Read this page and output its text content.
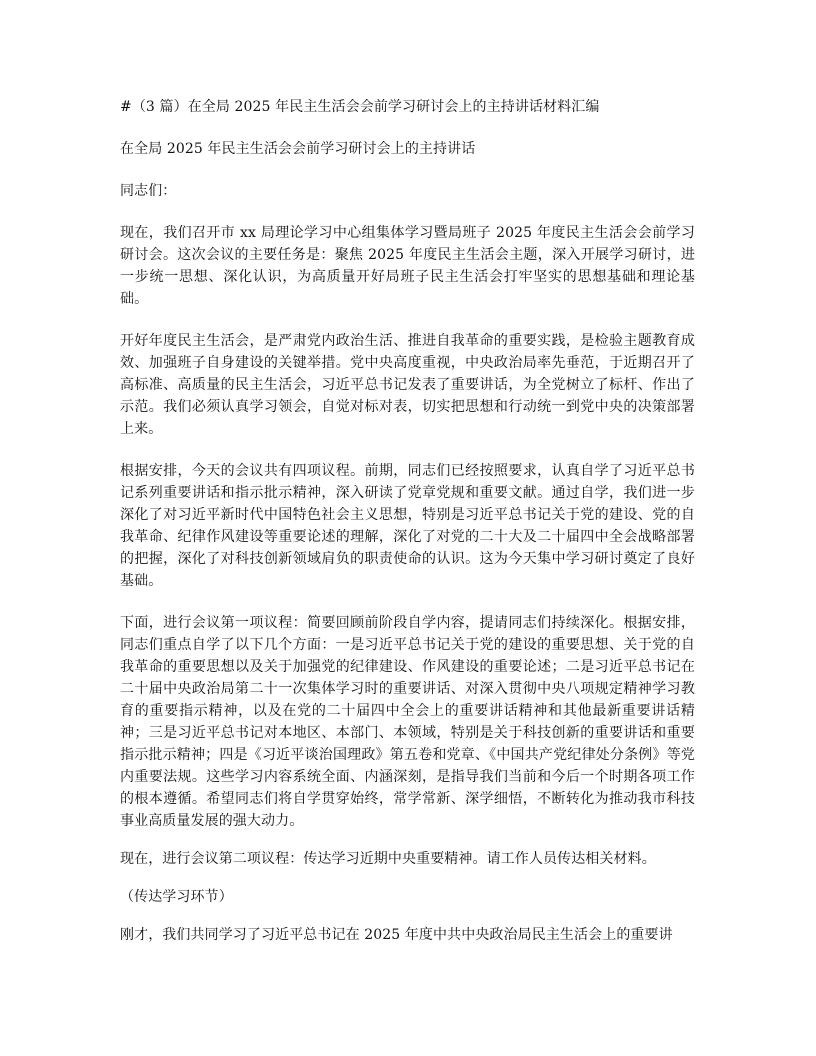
#（3 篇）在全局 2025 年民主生活会会前学习研讨会上的主持讲话材料汇编

在全局 2025 年民主生活会会前学习研讨会上的主持讲话

同志们：

现在，我们召开市 xx 局理论学习中心组集体学习暨局班子 2025 年度民主生活会会前学习研讨会。这次会议的主要任务是：聚焦 2025 年度民主生活会主题，深入开展学习研讨，进一步统一思想、深化认识，为高质量开好局班子民主生活会打牢坚实的思想基础和理论基础。

开好年度民主生活会，是严肃党内政治生活、推进自我革命的重要实践，是检验主题教育成效、加强班子自身建设的关键举措。党中央高度重视，中央政治局率先垂范，于近期召开了高标准、高质量的民主生活会，习近平总书记发表了重要讲话，为全党树立了标杆、作出了示范。我们必须认真学习领会，自觉对标对表，切实把思想和行动统一到党中央的决策部署上来。

根据安排，今天的会议共有四项议程。前期，同志们已经按照要求，认真自学了习近平总书记系列重要讲话和指示批示精神，深入研读了党章党规和重要文献。通过自学，我们进一步深化了对习近平新时代中国特色社会主义思想，特别是习近平总书记关于党的建设、党的自我革命、纪律作风建设等重要论述的理解，深化了对党的二十大及二十届四中全会战略部署的把握，深化了对科技创新领域肩负的职责使命的认识。这为今天集中学习研讨奠定了良好基础。

下面，进行会议第一项议程：简要回顾前阶段自学内容，提请同志们持续深化。根据安排，同志们重点自学了以下几个方面：一是习近平总书记关于党的建设的重要思想、关于党的自我革命的重要思想以及关于加强党的纪律建设、作风建设的重要论述；二是习近平总书记在二十届中央政治局第二十一次集体学习时的重要讲话、对深入贯彻中央八项规定精神学习教育的重要指示精神，以及在党的二十届四中全会上的重要讲话精神和其他最新重要讲话精神；三是习近平总书记对本地区、本部门、本领域，特别是关于科技创新的重要讲话和重要指示批示精神；四是《习近平谈治国理政》第五卷和党章、《中国共产党纪律处分条例》等党内重要法规。这些学习内容系统全面、内涵深刻，是指导我们当前和今后一个时期各项工作的根本遵循。希望同志们将自学贯穿始终，常学常新、深学细悟，不断转化为推动我市科技事业高质量发展的强大动力。

现在，进行会议第二项议程：传达学习近期中央重要精神。请工作人员传达相关材料。

（传达学习环节）

刚才，我们共同学习了习近平总书记在 2025 年度中共中央政治局民主生活会上的重要讲
